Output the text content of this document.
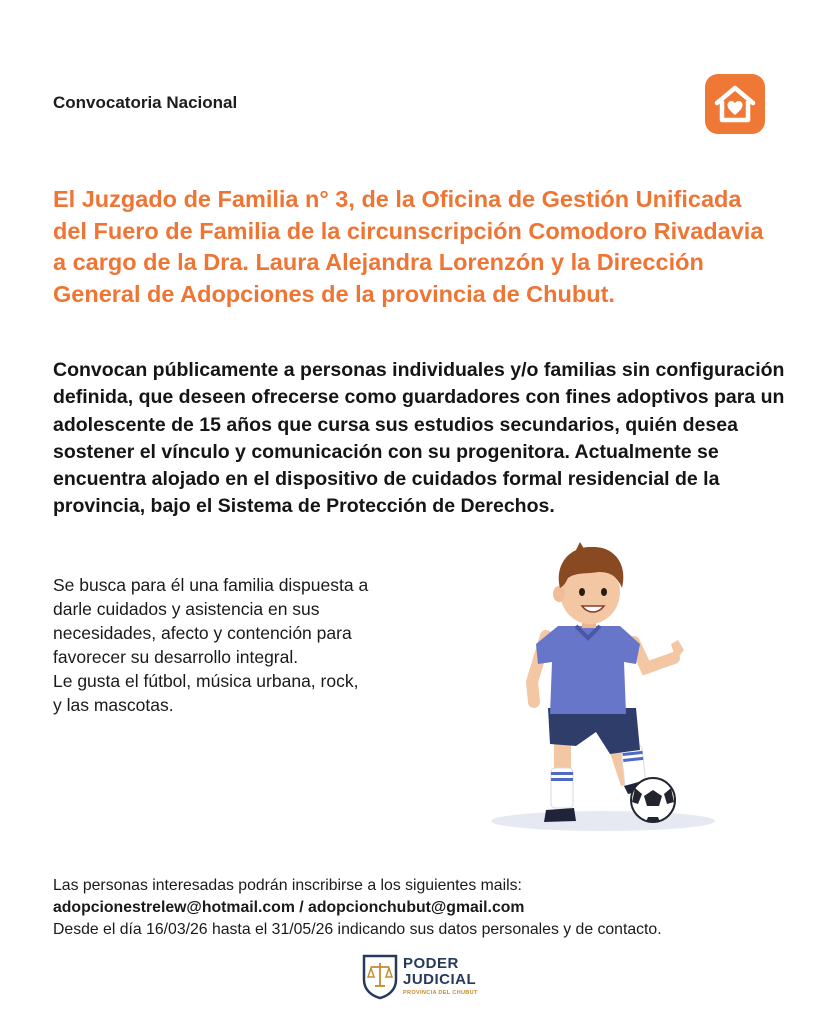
Convocatoria Nacional

El Juzgado de Familia n° 3, de la Oficina de Gestión Unificada del Fuero de Familia de la circunscripción Comodoro Rivadavia a cargo de la Dra. Laura Alejandra Lorenzón y la Dirección General de Adopciones de la provincia de Chubut.

Convocan públicamente a personas individuales y/o familias sin configuración definida, que deseen ofrecerse como guardadores con fines adoptivos para un adolescente de 15 años que cursa sus estudios secundarios, quién desea sostener el vínculo y comunicación con su progenitora. Actualmente se encuentra alojado en el dispositivo de cuidados formal residencial de la provincia, bajo el Sistema de Protección de Derechos.

Se busca para él una familia dispuesta a
darle cuidados y asistencia en sus
necesidades, afecto y contención para
favorecer su desarrollo integral.
Le gusta el fútbol, música urbana, rock,
y las mascotas.
Las personas interesadas podrán inscribirse a los siguientes mails:
adopcionestrelew@hotmail.com / adopcionchubut@gmail.com
Desde el día 16/03/26 hasta el 31/05/26 indicando sus datos personales y de contacto.
PODER
JUDICIAL
PROVINCIA DEL CHUBUT
